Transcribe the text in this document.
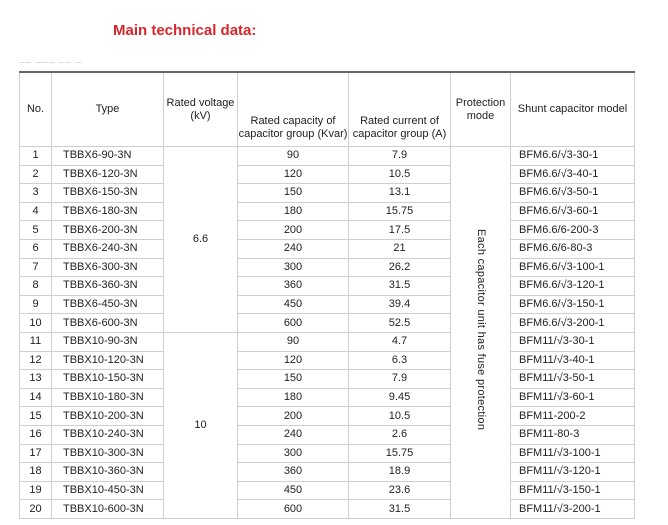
Main technical data:
── ─── ── ─
No.	Type	Rated voltage (kV)	Rated capacity of capacitor group (Kvar)	Rated current of capacitor group (A)	Protection mode	Shunt capacitor model
1	TBBX6-90-3N	6.6	90	7.9	Each capacitor unit has fuse protection	BFM6.6/√3-30-1
2	TBBX6-120-3N		120	10.5		BFM6.6/√3-40-1
3	TBBX6-150-3N		150	13.1		BFM6.6/√3-50-1
4	TBBX6-180-3N		180	15.75		BFM6.6/√3-60-1
5	TBBX6-200-3N		200	17.5		BFM6.6/6-200-3
6	TBBX6-240-3N		240	21		BFM6.6/6-80-3
7	TBBX6-300-3N		300	26.2		BFM6.6/√3-100-1
8	TBBX6-360-3N		360	31.5		BFM6.6/√3-120-1
9	TBBX6-450-3N		450	39.4		BFM6.6/√3-150-1
10	TBBX6-600-3N		600	52.5		BFM6.6/√3-200-1
11	TBBX10-90-3N	10	90	4.7		BFM11/√3-30-1
12	TBBX10-120-3N		120	6.3		BFM11/√3-40-1
13	TBBX10-150-3N		150	7.9		BFM11/√3-50-1
14	TBBX10-180-3N		180	9.45		BFM11/√3-60-1
15	TBBX10-200-3N		200	10.5		BFM11-200-2
16	TBBX10-240-3N		240	2.6		BFM11-80-3
17	TBBX10-300-3N		300	15.75		BFM11/√3-100-1
18	TBBX10-360-3N		360	18.9		BFM11/√3-120-1
19	TBBX10-450-3N		450	23.6		BFM11/√3-150-1
20	TBBX10-600-3N		600	31.5		BFM11/√3-200-1
